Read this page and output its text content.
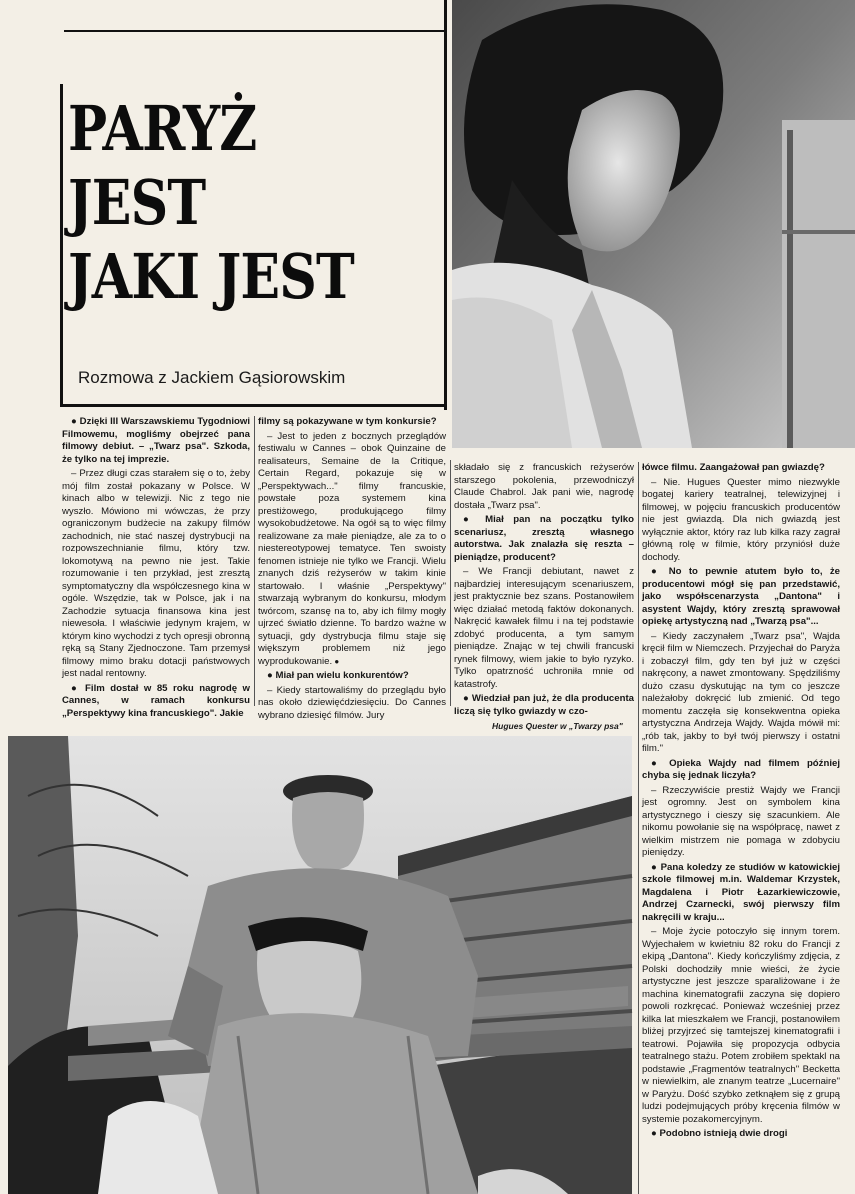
PARYŻ
JEST
JAKI JEST
Rozmowa z Jackiem Gąsiorowskim

● Dzięki III Warszawskiemu Tygodniowi Filmowemu, mogliśmy obejrzeć pana filmowy debiut. – „Twarz psa". Szkoda, że tylko na tej imprezie.

– Przez długi czas starałem się o to, żeby mój film został pokazany w Polsce. W kinach albo w telewizji. Nic z tego nie wyszło. Mówiono mi wówczas, że przy ograniczonym budżecie na zakupy filmów zachodnich, nie stać naszej dystrybucji na rozpowszechnianie filmu, który tzw. lokomotywą na pewno nie jest. Takie rozumowanie i ten przykład, jest zresztą symptomatyczny dla współczesnego kina w ogóle. Wszędzie, tak w Polsce, jak i na Zachodzie sytuacja finansowa kina jest niewesoła. I właściwie jedynym krajem, w którym kino wychodzi z tych opresji obronną ręką są Stany Zjednoczone. Tam przemysł filmowy mimo braku dotacji państwowych jest nadal rentowny.

● Film dostał w 85 roku nagrodę w Cannes, w ramach konkursu „Perspektywy kina francuskiego". Jakie

filmy są pokazywane w tym konkursie?

– Jest to jeden z bocznych przeglądów festiwalu w Cannes – obok Quinzaine de realisateurs, Semaine de la Critique, Certain Regard, pokazuje się w „Perspektywach..." filmy francuskie, powstałe poza systemem kina prestiżowego, produkującego filmy wysokobudżetowe. Na ogół są to więc filmy realizowane za małe pieniądze, ale za to o niestereotypowej tematyce. Ten swoisty fenomen istnieje nie tylko we Francji. Wielu znanych dziś reżyserów w takim kinie startowało. I właśnie „Perspektywy" stwarzają wybranym do konkursu, młodym twórcom, szansę na to, aby ich filmy mogły ujrzeć światło dzienne. To bardzo ważne w sytuacji, gdy dystrybucja filmu staje się większym problemem niż jego wyprodukowanie. ●

● Miał pan wielu konkurentów?

– Kiedy startowaliśmy do przeglądu było nas około dziewięćdziesięciu. Do Cannes wybrano dziesięć filmów. Jury

składało się z francuskich reżyserów starszego pokolenia, przewodniczył Claude Chabrol. Jak pani wie, nagrodę dostała „Twarz psa".

● Miał pan na początku tylko scenariusz, zresztą własnego autorstwa. Jak znalazła się reszta – pieniądze, producent?

– We Francji debiutant, nawet z najbardziej interesującym scenariuszem, jest praktycznie bez szans. Postanowiłem więc działać metodą faktów dokonanych. Nakręcić kawałek filmu i na tej podstawie zdobyć producenta, a tym samym pieniądze. Znając w tej chwili francuski rynek filmowy, wiem jakie to było ryzyko. Tylko opatrzność uchroniła mnie od katastrofy.

● Wiedział pan już, że dla producenta liczą się tylko gwiazdy w czo-

Hugues Quester w „Twarzy psa"

łówce filmu. Zaangażował pan gwiazdę?

– Nie. Hugues Quester mimo niezwykle bogatej kariery teatralnej, telewizyjnej i filmowej, w pojęciu francuskich producentów nie jest gwiazdą. Dla nich gwiazdą jest wyłącznie aktor, który raz lub kilka razy zagrał główną rolę w filmie, który przyniósł duże dochody.

● No to pewnie atutem było to, że producentowi mógł się pan przedstawić, jako współscenarzysta „Dantona" i asystent Wajdy, który zresztą sprawował opiekę artystyczną nad „Twarzą psa"...

– Kiedy zaczynałem „Twarz psa", Wajda kręcił film w Niemczech. Przyjechał do Paryża i zobaczył film, gdy ten był już w części nakręcony, a nawet zmontowany. Spędziliśmy dużo czasu dyskutując na tym co jeszcze należałoby dokręcić lub zmienić. Od tego momentu zaczęła się konsekwentna opieka artystyczna Andrzeja Wajdy. Wajda mówił mi: „rób tak, jakby to był twój pierwszy i ostatni film."

● Opieka Wajdy nad filmem później chyba się jednak liczyła?

– Rzeczywiście prestiż Wajdy we Francji jest ogromny. Jest on symbolem kina artystycznego i cieszy się szacunkiem. Ale nikomu powołanie się na współpracę, nawet z wielkim mistrzem nie pomaga w zdobyciu pieniędzy.

● Pana koledzy ze studiów w katowickiej szkole filmowej m.in. Waldemar Krzystek, Magdalena i Piotr Łazarkiewiczowie, Andrzej Czarnecki, swój pierwszy film nakręcili w kraju...

– Moje życie potoczyło się innym torem. Wyjechałem w kwietniu 82 roku do Francji z ekipą „Dantona". Kiedy kończyliśmy zdjęcia, z Polski dochodziły mnie wieści, że życie artystyczne jest jeszcze sparaliżowane i że machina kinematografii zaczyna się dopiero powoli rozkręcać. Ponieważ wcześniej przez kilka lat mieszkałem we Francji, postanowiłem bliżej przyjrzeć się tamtejszej kinematografii i teatrowi. Pojawiła się propozycja odbycia teatralnego stażu. Potem zrobiłem spektakl na podstawie „Fragmentów teatralnych" Becketta w niewielkim, ale znanym teatrze „Lucernaire" w Paryżu. Dość szybko zetknąłem się z grupą ludzi podejmujących próby kręcenia filmów w systemie pozakomercyjnym.

● Podobno istnieją dwie drogi
